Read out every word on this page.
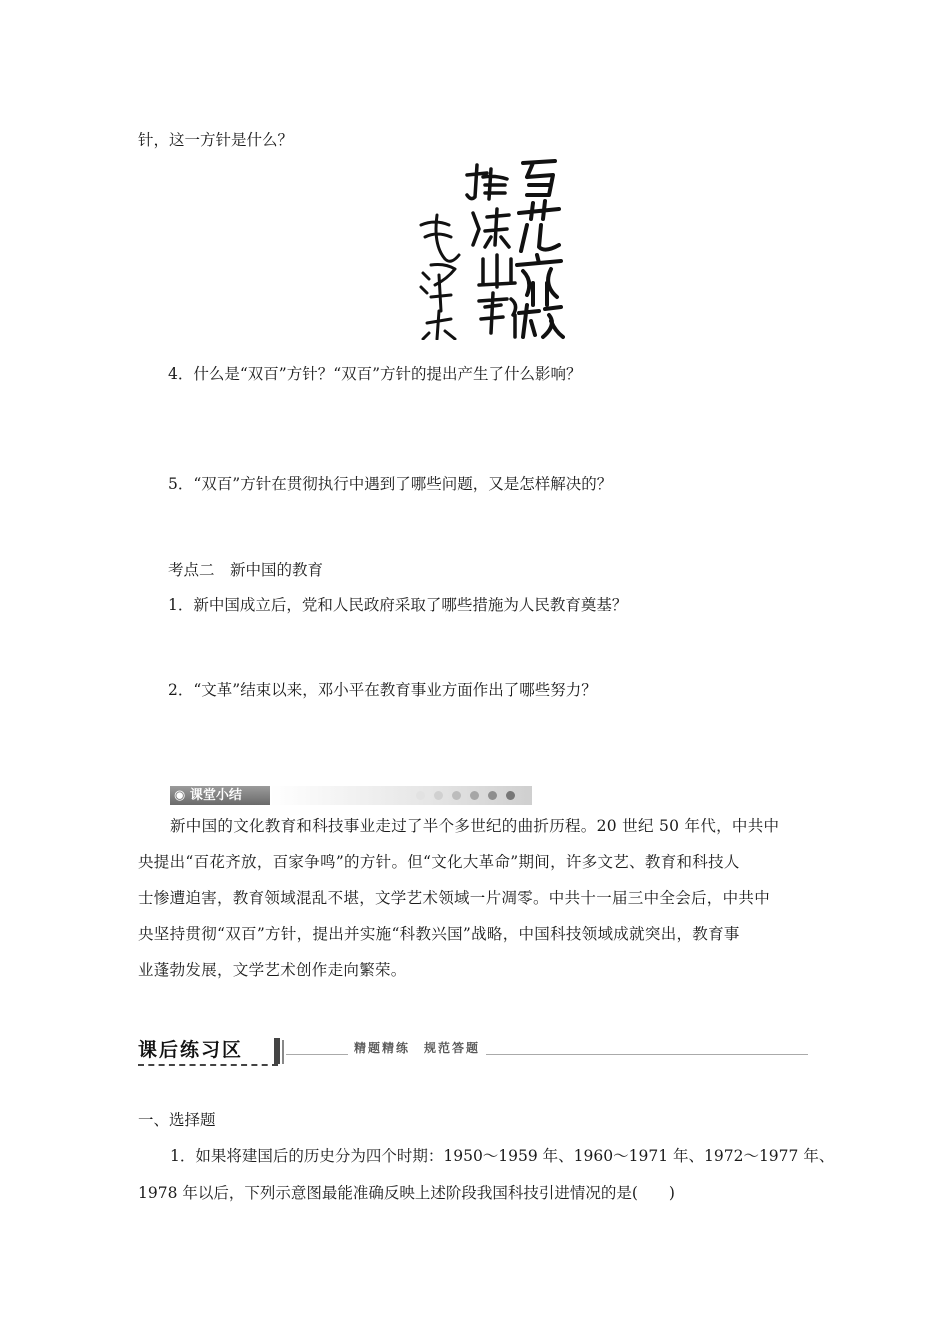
针，这一方针是什么？
4．什么是“双百”方针？“双百”方针的提出产生了什么影响？
5．“双百”方针在贯彻执行中遇到了哪些问题，又是怎样解决的？
考点二　新中国的教育
1．新中国成立后，党和人民政府采取了哪些措施为人民教育奠基？
2．“文革”结束以来，邓小平在教育事业方面作出了哪些努力？
◉ 课堂小结
新中国的文化教育和科技事业走过了半个多世纪的曲折历程。20 世纪 50 年代，中共中
央提出“百花齐放，百家争鸣”的方针。但“文化大革命”期间，许多文艺、教育和科技人
士惨遭迫害，教育领域混乱不堪，文学艺术领域一片凋零。中共十一届三中全会后，中共中
央坚持贯彻“双百”方针，提出并实施“科教兴国”战略，中国科技领域成就突出，教育事
业蓬勃发展，文学艺术创作走向繁荣。
课后练习区	精题精练　规范答题
一、选择题
1．如果将建国后的历史分为四个时期：1950～1959 年、1960～1971 年、1972～1977 年、
1978 年以后，下列示意图最能准确反映上述阶段我国科技引进情况的是(　　)
